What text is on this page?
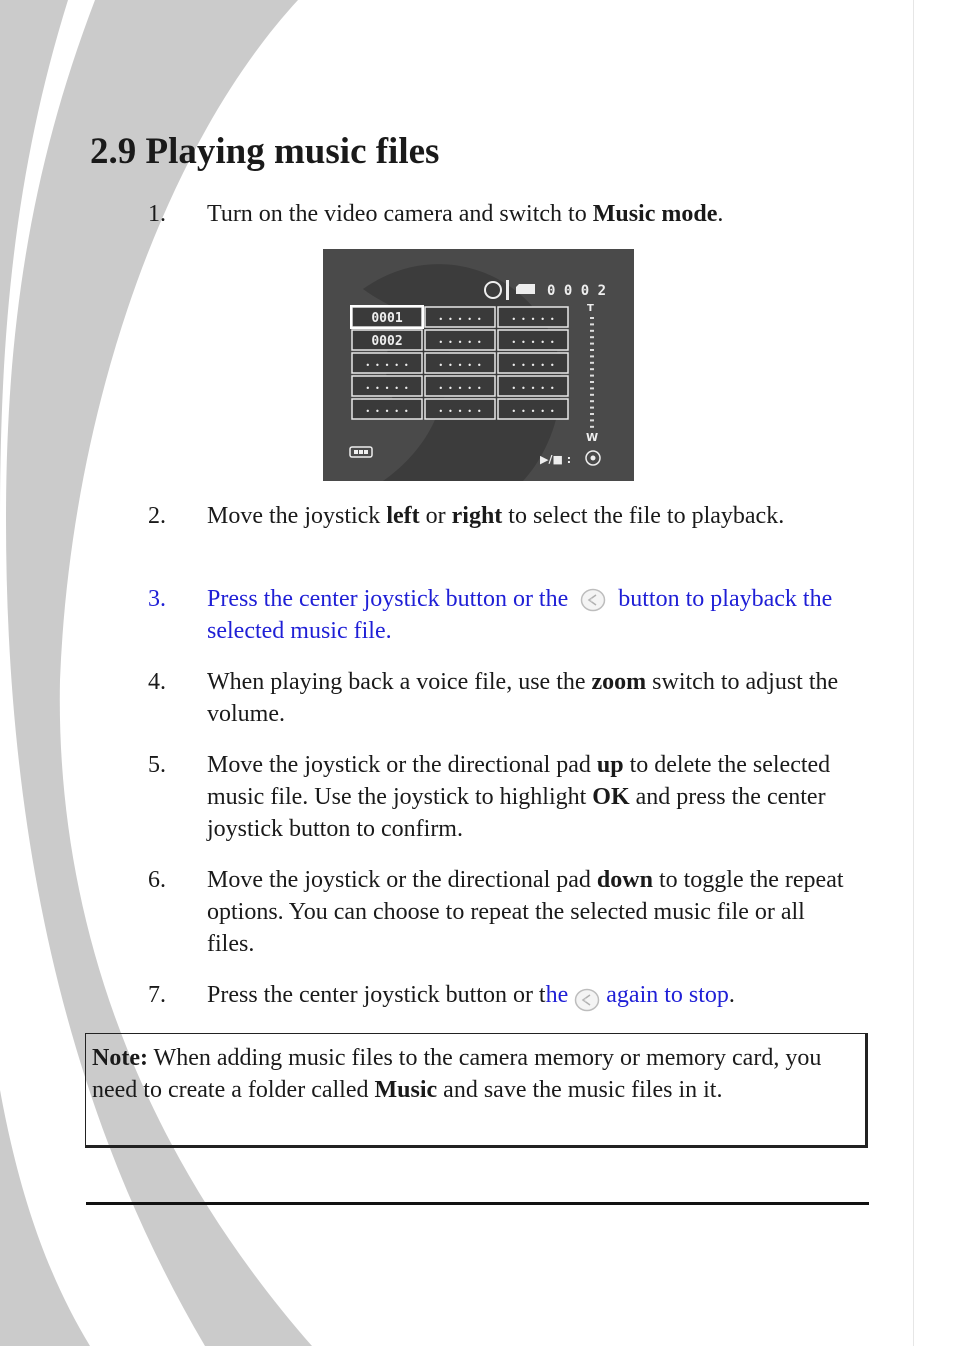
2.9 Playing music files
1.	Turn on the video camera and switch to Music mode.
0 0 0 2
0001	• • • • •	• • • • •
0002	• • • • •	• • • • •
• • • • •	• • • • •	• • • • •
• • • • •	• • • • •	• • • • •
• • • • •	• • • • •	• • • • •
T
W
▶/■ :
2.	Move the joystick left or right to select the file to playback.
3.	Press the center joystick button or the  button to playback the selected music file.
4.	When playing back a voice file, use the zoom switch to adjust the volume.
5.	Move the joystick or the directional pad up to delete the selected music file. Use the joystick to highlight OK and press the center joystick button to confirm.
6.	Move the joystick or the directional pad down to toggle the repeat options. You can choose to repeat the selected music file or all files.
7.	Press the center joystick button or the again to stop.
Note: When adding music files to the camera memory or memory card, you need to create a folder called Music and save the music files in it.
